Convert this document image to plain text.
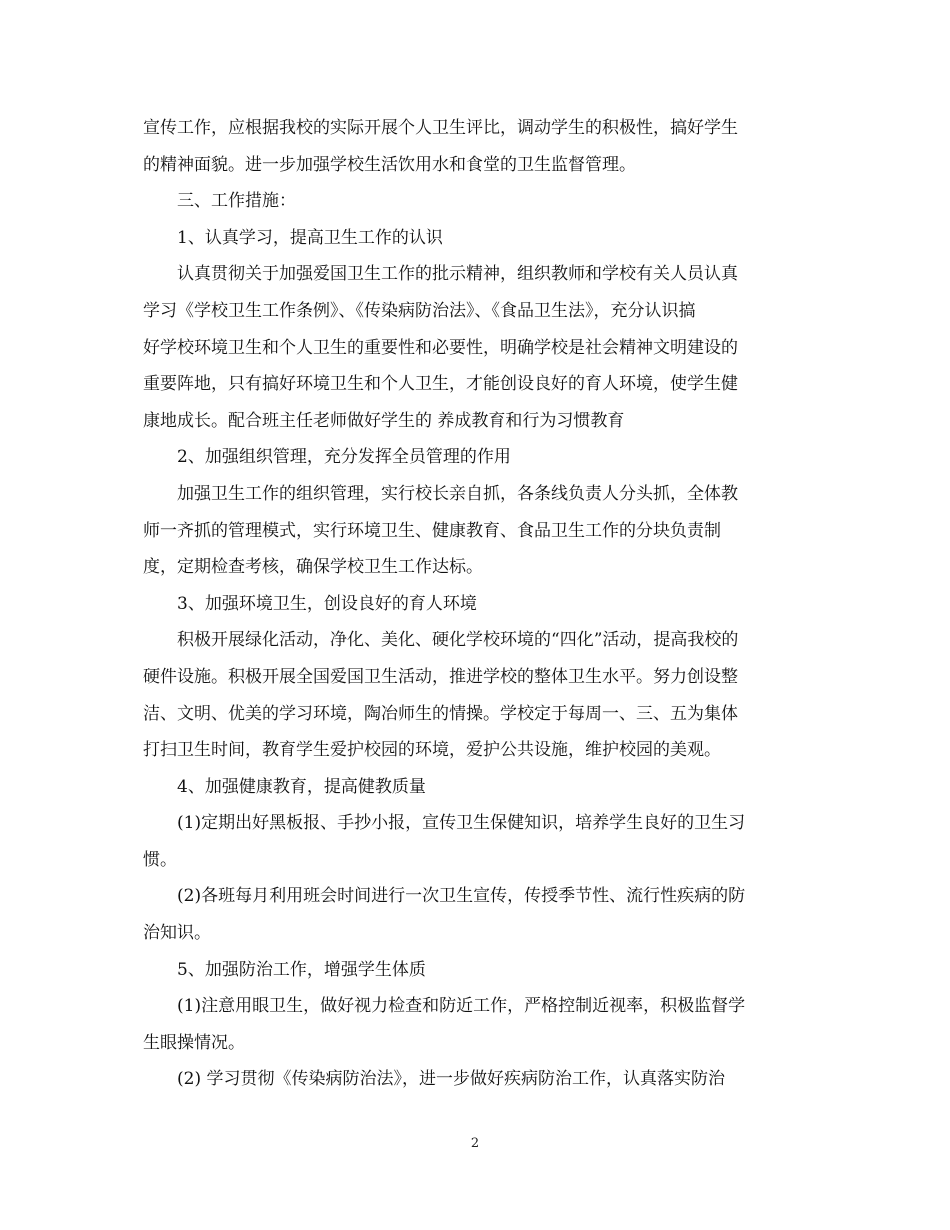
宣传工作，应根据我校的实际开展个人卫生评比，调动学生的积极性，搞好学生
的精神面貌。进一步加强学校生活饮用水和食堂的卫生监督管理。
三、工作措施：
1、认真学习，提高卫生工作的认识
认真贯彻关于加强爱国卫生工作的批示精神，组织教师和学校有关人员认真
学习《学校卫生工作条例》、《传染病防治法》、《食品卫生法》，充分认识搞
好学校环境卫生和个人卫生的重要性和必要性，明确学校是社会精神文明建设的
重要阵地，只有搞好环境卫生和个人卫生，才能创设良好的育人环境，使学生健
康地成长。配合班主任老师做好学生的 养成教育和行为习惯教育
2、加强组织管理，充分发挥全员管理的作用
加强卫生工作的组织管理，实行校长亲自抓，各条线负责人分头抓，全体教
师一齐抓的管理模式，实行环境卫生、健康教育、食品卫生工作的分块负责制
度，定期检查考核，确保学校卫生工作达标。
3、加强环境卫生，创设良好的育人环境
积极开展绿化活动，净化、美化、硬化学校环境的“四化”活动，提高我校的
硬件设施。积极开展全国爱国卫生活动，推进学校的整体卫生水平。努力创设整
洁、文明、优美的学习环境，陶冶师生的情操。学校定于每周一、三、五为集体
打扫卫生时间，教育学生爱护校园的环境，爱护公共设施，维护校园的美观。
4、加强健康教育，提高健教质量
(1)定期出好黑板报、手抄小报，宣传卫生保健知识，培养学生良好的卫生习
惯。
(2)各班每月利用班会时间进行一次卫生宣传，传授季节性、流行性疾病的防
治知识。
5、加强防治工作，增强学生体质
(1)注意用眼卫生，做好视力检查和防近工作，严格控制近视率，积极监督学
生眼操情况。
(2) 学习贯彻《传染病防治法》，进一步做好疾病防治工作，认真落实防治
2
